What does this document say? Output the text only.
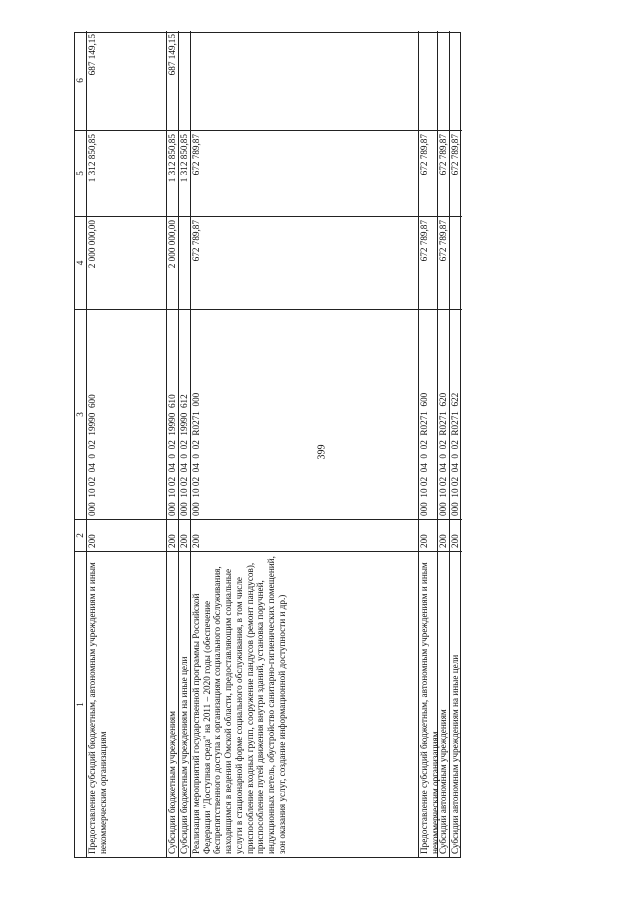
399
1
2
3
4
5
6
Предоставление субсидий бюджетным, автономным учреждениям и иным некоммерческим организациям
200
000  10 02  04  0  02  19990  600
2 000 000,00
1 312 850,85
687 149,15
Субсидии бюджетным учреждениям
200
000  10 02  04  0  02  19990  610
2 000 000,00
1 312 850,85
687 149,15
Субсидии бюджетным учреждениям на иные цели
200
000  10 02  04  0  02  19990  612
1 312 850,85
Реализация мероприятий государственной программы Российской Федерации "Доступная среда" на 2011 – 2020 годы (обеспечение беспрепятственного доступа к организациям социального обслуживания, находящимся в ведении Омской области, предоставляющим социальные услуги в стационарной форме социального обслуживания, в том числе приспособление входных групп, сооружение пандусов (ремонт пандусов), приспособление путей движения внутри зданий, установка поручней, индукционных петель, обустройство санитарно-гигиенических помещений, зон оказания услуг, создание информационной доступности и др.)
200
000  10 02  04  0  02  R0271  000
672 789,87
672 789,87
Предоставление субсидий бюджетным, автономным учреждениям и иным некоммерческим организациям
200
000  10 02  04  0  02  R0271  600
672 789,87
672 789,87
Субсидии автономным учреждениям
200
000  10 02  04  0  02  R0271  620
672 789,87
672 789,87
Субсидии автономным учреждениям на иные цели
200
000  10 02  04  0  02  R0271  622
672 789,87
